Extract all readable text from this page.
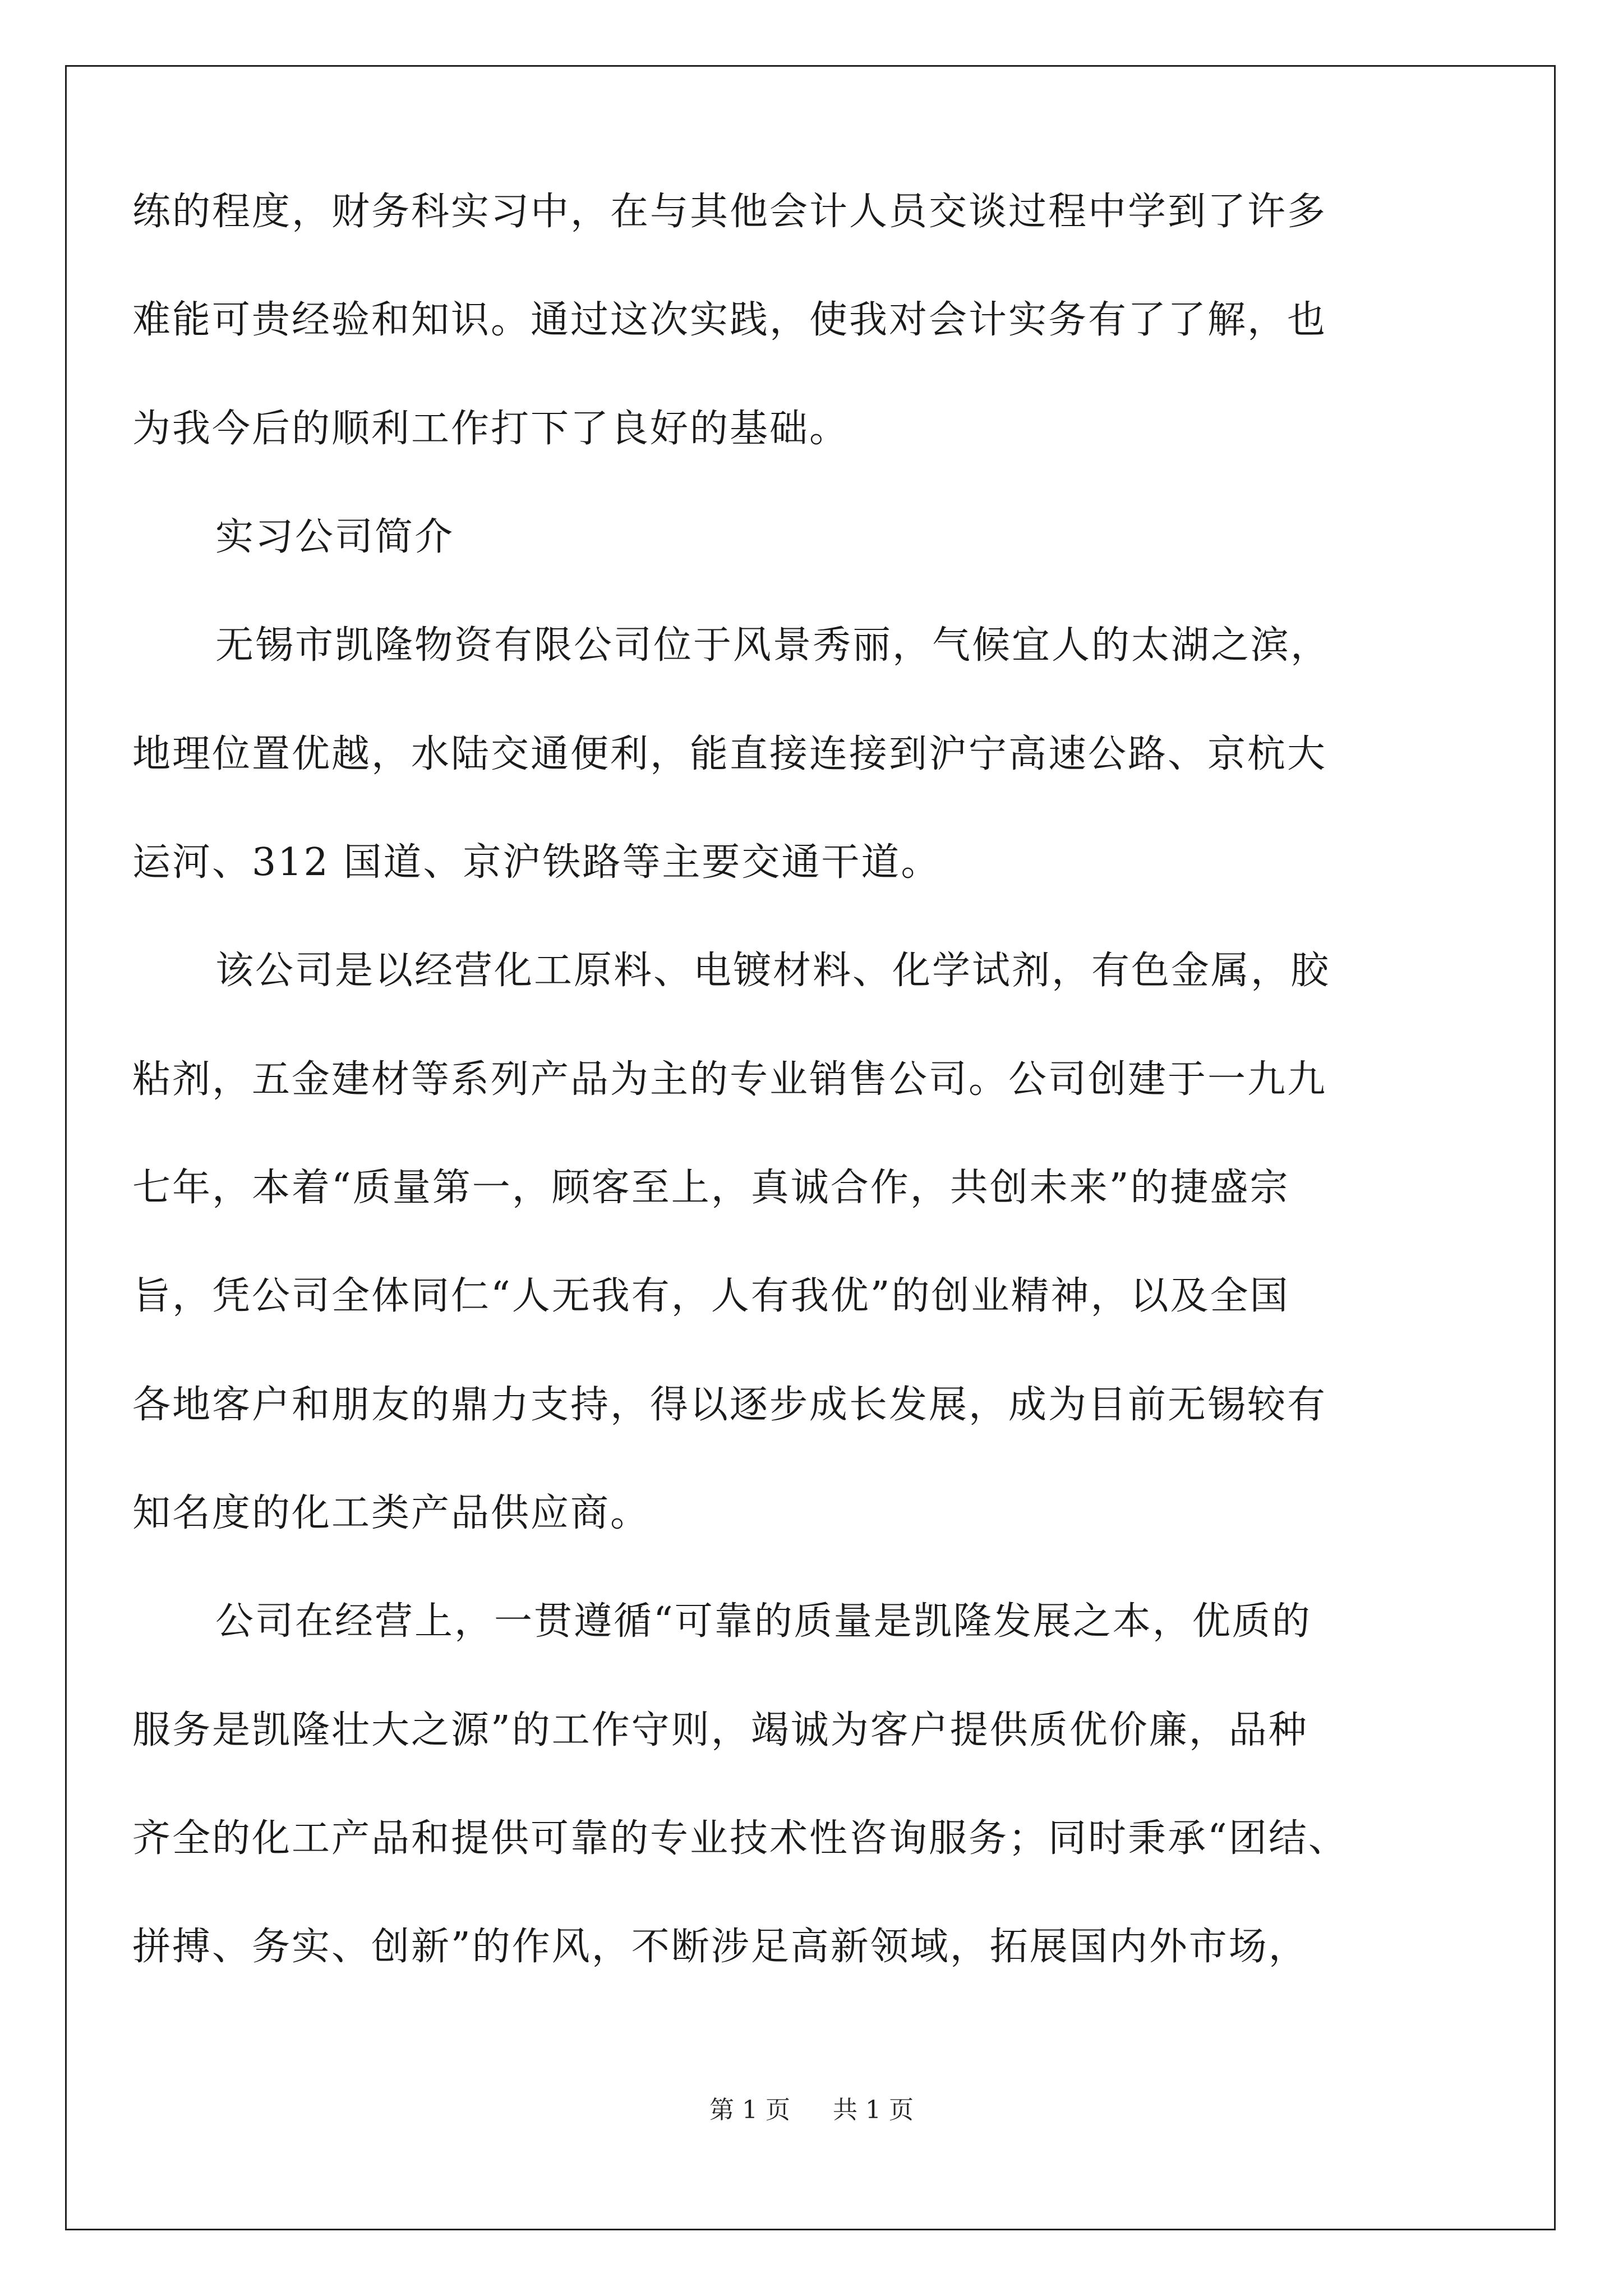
练的程度，财务科实习中，在与其他会计人员交谈过程中学到了许多
难能可贵经验和知识。通过这次实践，使我对会计实务有了了解，也
为我今后的顺利工作打下了良好的基础。
实习公司简介
无锡市凯隆物资有限公司位于风景秀丽，气候宜人的太湖之滨，
地理位置优越，水陆交通便利，能直接连接到沪宁高速公路、京杭大
运河、312 国道、京沪铁路等主要交通干道。
该公司是以经营化工原料、电镀材料、化学试剂，有色金属，胶
粘剂，五金建材等系列产品为主的专业销售公司。公司创建于一九九
七年，本着“质量第一，顾客至上，真诚合作，共创未来”的捷盛宗
旨，凭公司全体同仁“人无我有，人有我优”的创业精神，以及全国
各地客户和朋友的鼎力支持，得以逐步成长发展，成为目前无锡较有
知名度的化工类产品供应商。
公司在经营上，一贯遵循“可靠的质量是凯隆发展之本，优质的
服务是凯隆壮大之源”的工作守则，竭诚为客户提供质优价廉，品种
齐全的化工产品和提供可靠的专业技术性咨询服务；同时秉承“团结、
拼搏、务实、创新”的作风，不断涉足高新领域，拓展国内外市场，
第 1 页 共 1 页
